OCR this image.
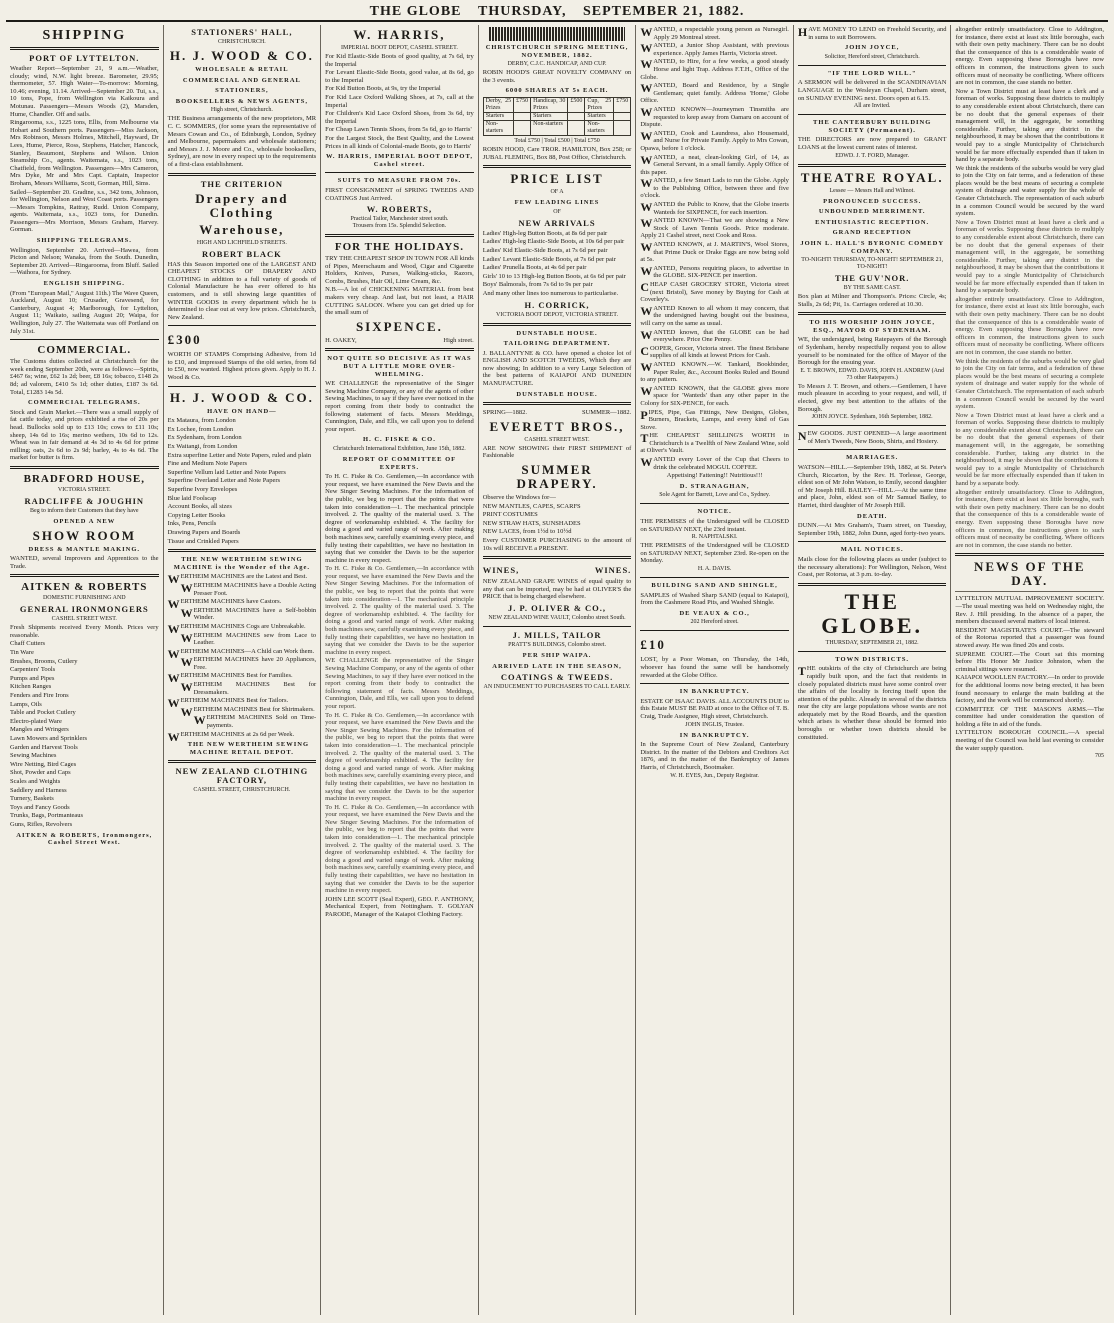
THE GLOBE THURSDAY, SEPTEMBER 21, 1882.
SHIPPING
PORT OF LYTTELTON.
Weather Report—September 21, 9 a.m.—Weather, cloudy; wind, N.W. light breeze. Barometer, 29.95; thermometer, 57. High Water—To-morrow: Morning, 10.46; evening, 11.14. Arrived—September 20. Tui, s.s., 10 tons, Pope, from Wellington via Kaikoura and Motunau. Passengers—Messrs Woods (2), Marsden, Hume, Chandler. Off and sails.
Ringarooma, s.s., 1225 tons, Ellis, from Melbourne via Hobart and Southern ports. Passengers—Miss Jackson, Mrs Robinson, Messrs Holmes, Mitchell, Hayward, Dr Lees, Hume, Pierce, Ross, Stephens, Hatcher, Hancock, Stanley, Beaumont, Stephens and Wilson. Union Steamship Co., agents. Waitemata, s.s., 1023 tons, Chatfield, from Wellington. Passengers—Mrs Cameron, Mrs Dyke, Mr and Mrs Capt. Captain, Inspector Broham, Messrs Williams, Scott, Gorman, Hill, Sims.
Sailed—September 20. Gradine, s.s., 342 tons, Johnson, for Wellington, Nelson and West Coast ports. Passengers—Messrs Tompkins, Rattray, Rudd. Union Company, agents. Waitemata, s.s., 1023 tons, for Dunedin. Passengers—Mrs Morrison, Messrs Graham, Harvey. Gorman.
SHIPPING TELEGRAMS.
Wellington, September 20. Arrived—Hawea, from Picton and Nelson; Wanaka, from the South. Dunedin, September 20. Arrived—Ringarooma, from Bluff. Sailed—Waihora, for Sydney.
ENGLISH SHIPPING.
(From "European Mail," August 11th.) The Wave Queen, Auckland, August 10; Crusader, Gravesend, for Canterbury, August 4; Marlborough, for Lyttelton, August 11; Waikato, sailing August 20; Waipa, for Wellington, July 27. The Waitemata was off Portland on July 31st.
COMMERCIAL.
The Customs duties collected at Christchurch for the week ending September 20th, were as follows:—Spirits, £467 6s; wine, £62 1s 2d; beer, £8 16s; tobacco, £148 2s 8d; ad valorem, £410 5s 1d; other duties, £187 3s 6d. Total, £1283 14s 5d.
COMMERCIAL TELEGRAMS.
Stock and Grain Market.—There was a small supply of fat cattle today, and prices exhibited a rise of 20s per head. Bullocks sold up to £13 10s; cows to £11 10s; sheep, 14s 6d to 16s; merino wethers, 10s 6d to 12s. Wheat was in fair demand at 4s 3d to 4s 6d for prime milling; oats, 2s 6d to 2s 9d; barley, 4s to 4s 6d. The market for butter is firm.
BRADFORD HOUSE,
VICTORIA STREET.
RADCLIFFE & JOUGHIN
Beg to inform their Customers that they have
OPENED A NEW
SHOW ROOM
DRESS & MANTLE MAKING.
WANTED, several Improvers and Apprentices to the Trade.
AITKEN & ROBERTS
DOMESTIC FURNISHING AND
GENERAL IRONMONGERS
CASHEL STREET WEST.
Fresh Shipments received Every Month. Prices very reasonable.
Chaff Cutters
Tin Ware
Brushes, Brooms, Cutlery
Carpenters' Tools
Pumps and Pipes
Kitchen Ranges
Fenders and Fire Irons
Lamps, Oils
Table and Pocket Cutlery
Electro-plated Ware
Mangles and Wringers
Lawn Mowers and Sprinklers
Garden and Harvest Tools
Sewing Machines
Wire Netting, Bird Cages
Shot, Powder and Caps
Scales and Weights
Saddlery and Harness
Turnery, Baskets
Toys and Fancy Goods
Trunks, Bags, Portmanteaus
Guns, Rifles, Revolvers
AITKEN & ROBERTS, Ironmongers, Cashel Street West.
STATIONERS' HALL,
CHRISTCHURCH.
H. J. WOOD & CO.
WHOLESALE & RETAIL
COMMERCIAL AND GENERAL
STATIONERS,
BOOKSELLERS & NEWS AGENTS,
High street, Christchurch.
THE Business arrangements of the new proprietors, MR C. C. SOMMERS, (for some years the representative of Messrs Cowan and Co., of Edinburgh, London, Sydney and Melbourne, papermakers and wholesale stationers; and Messrs J. J. Moore and Co., wholesale booksellers, Sydney), are now in every respect up to the requirements of a first-class establishment.
THE CRITERION
Drapery and Clothing
Warehouse,
HIGH AND LICHFIELD STREETS.
ROBERT BLACK
HAS this Season imported one of the LARGEST AND CHEAPEST STOCKS OF DRAPERY AND CLOTHING in addition to a full variety of goods of Colonial Manufacture he has ever offered to his customers, and is still showing large quantities of WINTER GOODS in every department which he is determined to clear out at very low prices. Christchurch, New Zealand.
£300
WORTH OF STAMPS Comprising Adhesive, from 1d to £10, and impressed Stamps of the old series, from 6d to £50, now wanted. Highest prices given. Apply to H. J. Wood & Co.
H. J. WOOD & CO.
HAVE ON HAND—
Ex Mataura, from London
Ex Lochee, from London
Ex Sydenham, from London
Ex Waitangi, from London
Extra superfine Letter and Note Papers, ruled and plain
Fine and Medium Note Papers
Superfine Vellum laid Letter and Note Papers
Superfine Overland Letter and Note Papers
Superfine Ivory Envelopes
Blue laid Foolscap
Account Books, all sizes
Copying Letter Books
Inks, Pens, Pencils
Drawing Papers and Boards
Tissue and Crinkled Papers
THE NEW WERTHEIM SEWING MACHINE is the Wonder of the Age.
WERTHEIM MACHINES are the Latest and Best.
WERTHEIM MACHINES have a Double Acting Presser Foot.
WERTHEIM MACHINES have Castors.
WERTHEIM MACHINES have a Self-bobbin Winder.
WERTHEIM MACHINES Cogs are Unbreakable.
WERTHEIM MACHINES sew from Lace to Leather.
WERTHEIM MACHINES—A Child can Work them.
WERTHEIM MACHINES have 20 Appliances, Free.
WERTHEIM MACHINES Best for Families.
WERTHEIM MACHINES Best for Dressmakers.
WERTHEIM MACHINES Best for Tailors.
WERTHEIM MACHINES Best for Shirtmakers.
WERTHEIM MACHINES Sold on Time-payments.
WERTHEIM MACHINES at 2s 6d per Week.
THE NEW WERTHEIM SEWING MACHINE RETAIL DEPOT.
NEW ZEALAND CLOTHING FACTORY,
CASHEL STREET, CHRISTCHURCH.
W. HARRIS,
IMPERIAL BOOT DEPOT, CASHEL STREET.
For Kid Elastic-Side Boots of good quality, at 7s 6d, try the Imperial
For Levant Elastic-Side Boots, good value, at 8s 6d, go to the Imperial
For Kid Button Boots, at 9s, try the Imperial
For Kid Lace Oxford Walking Shoes, at 7s, call at the Imperial
For Children's Kid Lace Oxford Shoes, from 3s 6d, try the Imperial
For Cheap Lawn Tennis Shoes, from 5s 6d, go to Harris'
For the Largest Stock, the Best Quality, and the Lowest Prices in all kinds of Colonial-made Boots, go to Harris'
W. HARRIS, IMPERIAL BOOT DEPOT, Cashel street.
SUITS TO MEASURE FROM 70s.
FIRST CONSIGNMENT of SPRING TWEEDS AND COATINGS Just Arrived.
W. ROBERTS,
Practical Tailor, Manchester street south.
Trousers from 15s. Splendid Selection.
FOR THE HOLIDAYS.
TRY THE CHEAPEST SHOP IN TOWN FOR All kinds of Pipes, Meerschaum and Wood, Cigar and Cigarette Holders, Knives, Purses, Walking-sticks, Razors, Combs, Brushes, Hair Oil, Lime Cream, &c.
N.B.—A lot of CHICKENING MATERIAL from best makers very cheap. And last, but not least, a HAIR CUTTING SALOON. Where you can get dried up for the small sum of
SIXPENCE.
H. OAKEY,	High street.
NOT QUITE SO DECISIVE AS IT WAS BUT A LITTLE MORE OVER-WHELMING.
WE CHALLENGE the representative of the Singer Sewing Machine Company, or any of the agents of other Sewing Machines, to say if they have ever noticed in the report coming from their body to contradict the following statement of facts. Messrs Meddings, Cunnington, Dale, and Ells, we call upon you to defend your report.
H. C. FISKE & CO.
Christchurch International Exhibition, June 15th, 1882.
REPORT OF COMMITTEE OF EXPERTS.
To H. C. Fiske & Co. Gentlemen,—In accordance with your request, we have examined the New Davis and the New Singer Sewing Machines. For the information of the public, we beg to report that the points that were taken into consideration—1. The mechanical principle involved. 2. The quality of the material used. 3. The degree of workmanship exhibited. 4. The facility for doing a good and varied range of work. After making both machines sew, carefully examining every piece, and fully testing their capabilities, we have no hesitation in saying that we consider the Davis to be the superior machine in every respect.
To H. C. Fiske & Co. Gentlemen,—In accordance with your request, we have examined the New Davis and the New Singer Sewing Machines. For the information of the public, we beg to report that the points that were taken into consideration—1. The mechanical principle involved. 2. The quality of the material used. 3. The degree of workmanship exhibited. 4. The facility for doing a good and varied range of work. After making both machines sew, carefully examining every piece, and fully testing their capabilities, we have no hesitation in saying that we consider the Davis to be the superior machine in every respect.
WE CHALLENGE the representative of the Singer Sewing Machine Company, or any of the agents of other Sewing Machines, to say if they have ever noticed in the report coming from their body to contradict the following statement of facts. Messrs Meddings, Cunnington, Dale, and Ells, we call upon you to defend your report.
To H. C. Fiske & Co. Gentlemen,—In accordance with your request, we have examined the New Davis and the New Singer Sewing Machines. For the information of the public, we beg to report that the points that were taken into consideration—1. The mechanical principle involved. 2. The quality of the material used. 3. The degree of workmanship exhibited. 4. The facility for doing a good and varied range of work. After making both machines sew, carefully examining every piece, and fully testing their capabilities, we have no hesitation in saying that we consider the Davis to be the superior machine in every respect.
To H. C. Fiske & Co. Gentlemen,—In accordance with your request, we have examined the New Davis and the New Singer Sewing Machines. For the information of the public, we beg to report that the points that were taken into consideration—1. The mechanical principle involved. 2. The quality of the material used. 3. The degree of workmanship exhibited. 4. The facility for doing a good and varied range of work. After making both machines sew, carefully examining every piece, and fully testing their capabilities, we have no hesitation in saying that we consider the Davis to be the superior machine in every respect.
JOHN LEE SCOTT (Seal Expert), GEO. F. ANTHONY, Mechanical Expert, from Nottingham. T. GOLYAN PARODE, Manager of the Kaiapoi Clothing Factory.
CHRISTCHURCH SPRING MEETING, NOVEMBER, 1882.
DERBY, C.J.C. HANDICAP, AND CUP.
ROBIN HOOD'S GREAT NOVELTY COMPANY on the 3 events.
6000 SHARES AT 5s EACH.
Derby, 25 Prizes	£750	Handicap, 30 Prizes	£500	Cup, 25 Prizes	£750
Starters		Starters		Starters	
Non-starters		Non-starters		Non-starters	
Total £750 | Total £500 | Total £750
ROBIN HOOD, Care TROR. HAMILTON, Box 258; or JUBAL FLEMING, Box 88, Post Office, Christchurch.
PRICE LIST
OF A
FEW LEADING LINES
OF
NEW ARRIVALS
Ladies' High-leg Button Boots, at 8s 6d per pair
Ladies' High-leg Elastic-Side Boots, at 10s 6d per pair
Ladies' Kid Elastic-Side Boots, at 7s 6d per pair
Ladies' Levant Elastic-Side Boots, at 7s 6d per pair
Ladies' Prunella Boots, at 4s 6d per pair
Girls' 10 to 13 High-leg Button Boots, at 6s 6d per pair
Boys' Balmorals, from 7s 6d to 9s per pair
And many other lines too numerous to particularise.
H. CORRICK,
VICTORIA BOOT DEPOT, VICTORIA STREET.
DUNSTABLE HOUSE.
TAILORING DEPARTMENT.
J. BALLANTYNE & CO. have opened a choice lot of ENGLISH AND SCOTCH TWEEDS, Which they are now showing; In addition to a very Large Selection of the best patterns of KAIAPOI AND DUNEDIN MANUFACTURE.
DUNSTABLE HOUSE.
SPRING—1882.	SUMMER—1882.
EVERETT BROS.,
CASHEL STREET WEST.
ARE NOW SHOWING their FIRST SHIPMENT of Fashionable
SUMMER DRAPERY.
Observe the Windows for—
NEW MANTLES, CAPES, SCARFS
PRINT COSTUMES
NEW STRAW HATS, SUNSHADES
NEW LACES, from 1½d to 10½d
Every CUSTOMER PURCHASING to the amount of 10s will RECEIVE a PRESENT.
WINES,	WINES.
NEW ZEALAND GRAPE WINES of equal quality to any that can be imported, may be had at OLIVER'S the PRICE that is being charged elsewhere.
J. P. OLIVER & CO.,
NEW ZEALAND WINE VAULT, Colombo street South.
J. MILLS, TAILOR
PRATT'S BUILDINGS, Colombo street.
PER SHIP WAIPA.
ARRIVED LATE IN THE SEASON,
COATINGS & TWEEDS.
AN INDUCEMENT TO PURCHASERS TO CALL EARLY.
WANTED, a respectable young person as Nursegirl. Apply 29 Montreal street.
WANTED, a Junior Shop Assistant, with previous experience. Apply James Harris, Victoria street.
WANTED, to Hire, for a few weeks, a good steady Horse and light Trap. Address F.T.H., Office of the Globe.
WANTED, Board and Residence, by a Single Gentleman; quiet family. Address 'Home,' Globe Office.
WANTED KNOWN—Journeymen Tinsmiths are requested to keep away from Oamaru on account of Dispute.
WANTED, Cook and Laundress, also Housemaid, and Nurse for Private Family. Apply to Mrs Cowan, Opawa, before 1 o'clock.
WANTED, a neat, clean-looking Girl, of 14, as General Servant, in a small family. Apply Office of this paper.
WANTED, a few Smart Lads to run the Globe. Apply to the Publishing Office, between three and five o'clock.
WANTED the Public to Know, that the Globe inserts Wanteds for SIXPENCE, for each insertion.
WANTED KNOWN—That we are showing a New Stock of Lawn Tennis Goods. Price moderate. Apply 21 Cashel street, next Cook and Ross.
WANTED KNOWN, at J. MARTIN'S, Wool Stores, that Prime Duck or Drake Eggs are now being sold at 5s.
WANTED, Persons requiring places, to advertise in the GLOBE. SIX-PENCE per insertion.
CHEAP CASH GROCERY STORE, Victoria street (next Bristol), Save money by Buying for Cash at Coverley's.
WANTED Known to all whom it may concern, that the undersigned having bought out the business, will carry on the same as usual.
WANTED known, that the GLOBE can be had everywhere. Price One Penny.
COOPER, Grocer, Victoria street. The finest Brisbane supplies of all kinds at lowest Prices for Cash.
WANTED KNOWN.—W. Tankard, Bookbinder, Paper Ruler, &c., Account Books Ruled and Bound to any pattern.
WANTED KNOWN, that the GLOBE gives more space for 'Wanteds' than any other paper in the Colony for SIX-PENCE, for each.
PIPES, Pipe, Gas Fittings, New Designs, Globes, Burners, Brackets, Lamps, and every kind of Gas Stove.
THE CHEAPEST SHILLING'S WORTH in Christchurch is a Twelfth of New Zealand Wine, sold at Oliver's Vault.
WANTED every Lover of the Cup that Cheers to drink the celebrated MOGUL COFFEE.
Appetising! Fattening!! Nutritious!!!
D. STRANAGHAN,
Sole Agent for Barrett, Love and Co., Sydney.
NOTICE.
THE PREMISES of the Undersigned will be CLOSED on SATURDAY NEXT, the 23rd instant.
R. NAPHTALSKI.
THE PREMISES of the Undersigned will be CLOSED on SATURDAY NEXT, September 23rd. Re-open on the Monday.
H. A. DAVIS.
BUILDING SAND AND SHINGLE,
SAMPLES of Washed Sharp SAND (equal to Kaiapoi), from the Cashmere Road Pits, and Washed Shingle.
DE VEAUX & CO.,
202 Hereford street.
£10
LOST, by a Poor Woman, on Thursday, the 14th, whoever has found the same will be handsomely rewarded at the Globe Office.
IN BANKRUPTCY.
ESTATE OF ISAAC DAVIS. ALL ACCOUNTS DUE to this Estate MUST BE PAID at once to the Office of T. B. Craig, Trade Assignee, High street, Christchurch.
JOHN INGLIS, Trustee.
IN BANKRUPTCY.
In the Supreme Court of New Zealand, Canterbury District. In the matter of the Debtors and Creditors Act 1876, and in the matter of the Bankruptcy of James Harris, of Christchurch, Bootmaker.
W. H. EYES, Jun., Deputy Registrar.
HAVE MONEY TO LEND on Freehold Security, and in sums to suit Borrowers.
JOHN JOYCE,
Solicitor, Hereford street, Christchurch.
"IF THE LORD WILL."
A SERMON will be delivered in the SCANDINAVIAN LANGUAGE in the Wesleyan Chapel, Durham street, on SUNDAY EVENING next. Doors open at 6.15.
All are Invited.
THE CANTERBURY BUILDING SOCIETY (Permanent).
THE DIRECTORS are now prepared to GRANT LOANS at the lowest current rates of interest.
EDWD. J. T. FORD, Manager.
THEATRE ROYAL.
Lessee — Messrs Hall and Wilmot.
PRONOUNCED SUCCESS.
UNBOUNDED MERRIMENT.
ENTHUSIASTIC RECEPTION.
GRAND RECEPTION
JOHN L. HALL'S BYRONIC COMEDY COMPANY.
TO-NIGHT! THURSDAY, TO-NIGHT! SEPTEMBER 21, TO-NIGHT!
THE GUV'NOR.
BY THE SAME CAST.
Box plan at Milner and Thompson's. Prices: Circle, 4s; Stalls, 2s 6d; Pit, 1s. Carriages ordered at 10.30.
TO HIS WORSHIP JOHN JOYCE, ESQ., MAYOR OF SYDENHAM.
WE, the undersigned, being Ratepayers of the Borough of Sydenham, hereby respectfully request you to allow yourself to be nominated for the office of Mayor of the Borough for the ensuing year.
E. T. BROWN, EDWD. DAVIS, JOHN H. ANDREW (And 73 other Ratepayers.)
To Messrs J. T. Brown, and others.—Gentlemen, I have much pleasure in acceding to your request, and will, if elected, give my best attention to the affairs of the Borough.
JOHN JOYCE. Sydenham, 16th September, 1882.
NEW GOODS. JUST OPENED—A large assortment of Men's Tweeds, New Boots, Shirts, and Hosiery.
MARRIAGES.
WATSON—HILL.—September 19th, 1882, at St. Peter's Church, Riccarton, by the Rev. H. Torlesse, George, eldest son of Mr John Watson, to Emily, second daughter of Mr Joseph Hill. BAILEY—HILL.—At the same time and place, John, eldest son of Mr Samuel Bailey, to Harriet, third daughter of Mr Joseph Hill.
DEATH.
DUNN.—At Mrs Graham's, Tuam street, on Tuesday, September 19th, 1882, John Dunn, aged forty-two years.
MAIL NOTICES.
Mails close for the following places as under (subject to the necessary alterations): For Wellington, Nelson, West Coast, per Rotorua, at 3 p.m. to-day.
THE GLOBE.
THURSDAY, SEPTEMBER 21, 1882.
TOWN DISTRICTS.
THE outskirts of the city of Christchurch are being rapidly built upon, and the fact that residents in closely populated districts must have some control over the affairs of the locality is forcing itself upon the attention of the public. Already in several of the districts near the city are large populations whose wants are not adequately met by the Road Boards, and the question which arises is whether these should be formed into boroughs or whether town districts should be constituted.
altogether entirely unsatisfactory. Close to Addington, for instance, there exist at least six little boroughs, each with their own petty machinery. There can be no doubt that the consequence of this is a considerable waste of energy. Even supposing these Boroughs have now officers in common, the instructions given to such officers must of necessity be conflicting. Where officers are not in common, the case stands no better.
Now a Town District must at least have a clerk and a foreman of works. Supposing these districts to multiply to any considerable extent about Christchurch, there can be no doubt that the general expenses of their management will, in the aggregate, be something considerable. Further, taking any district in the neighbourhood, it may be shown that the contributions it would pay to a single Municipality of Christchurch would be far more effectually expended than if taken in hand by a separate body.
We think the residents of the suburbs would be very glad to join the City on fair terms, and a federation of these places would be the best means of securing a complete system of drainage and water supply for the whole of Greater Christchurch. The representation of each suburb in a common Council would be secured by the ward system.
Now a Town District must at least have a clerk and a foreman of works. Supposing these districts to multiply to any considerable extent about Christchurch, there can be no doubt that the general expenses of their management will, in the aggregate, be something considerable. Further, taking any district in the neighbourhood, it may be shown that the contributions it would pay to a single Municipality of Christchurch would be far more effectually expended than if taken in hand by a separate body.
altogether entirely unsatisfactory. Close to Addington, for instance, there exist at least six little boroughs, each with their own petty machinery. There can be no doubt that the consequence of this is a considerable waste of energy. Even supposing these Boroughs have now officers in common, the instructions given to such officers must of necessity be conflicting. Where officers are not in common, the case stands no better.
We think the residents of the suburbs would be very glad to join the City on fair terms, and a federation of these places would be the best means of securing a complete system of drainage and water supply for the whole of Greater Christchurch. The representation of each suburb in a common Council would be secured by the ward system.
Now a Town District must at least have a clerk and a foreman of works. Supposing these districts to multiply to any considerable extent about Christchurch, there can be no doubt that the general expenses of their management will, in the aggregate, be something considerable. Further, taking any district in the neighbourhood, it may be shown that the contributions it would pay to a single Municipality of Christchurch would be far more effectually expended than if taken in hand by a separate body.
altogether entirely unsatisfactory. Close to Addington, for instance, there exist at least six little boroughs, each with their own petty machinery. There can be no doubt that the consequence of this is a considerable waste of energy. Even supposing these Boroughs have now officers in common, the instructions given to such officers must of necessity be conflicting. Where officers are not in common, the case stands no better.
NEWS OF THE DAY.
LYTTELTON MUTUAL IMPROVEMENT SOCIETY.—The usual meeting was held on Wednesday night, the Rev. J. Hill presiding. In the absence of a paper, the members discussed several matters of local interest.
RESIDENT MAGISTRATE'S COURT.—The steward of the Rotorua reported that a passenger was found stowed away. He was fined 20s and costs.
SUPREME COURT.—The Court sat this morning before His Honor Mr Justice Johnston, when the criminal sittings were resumed.
KAIAPOI WOOLLEN FACTORY.—In order to provide for the additional looms now being erected, it has been found necessary to enlarge the main building at the factory, and the work will be commenced shortly.
COMMITTEE OF THE MASON'S ARMS.—The committee had under consideration the question of holding a fête in aid of the funds.
LYTTELTON BOROUGH COUNCIL.—A special meeting of the Council was held last evening to consider the water supply question.
705
